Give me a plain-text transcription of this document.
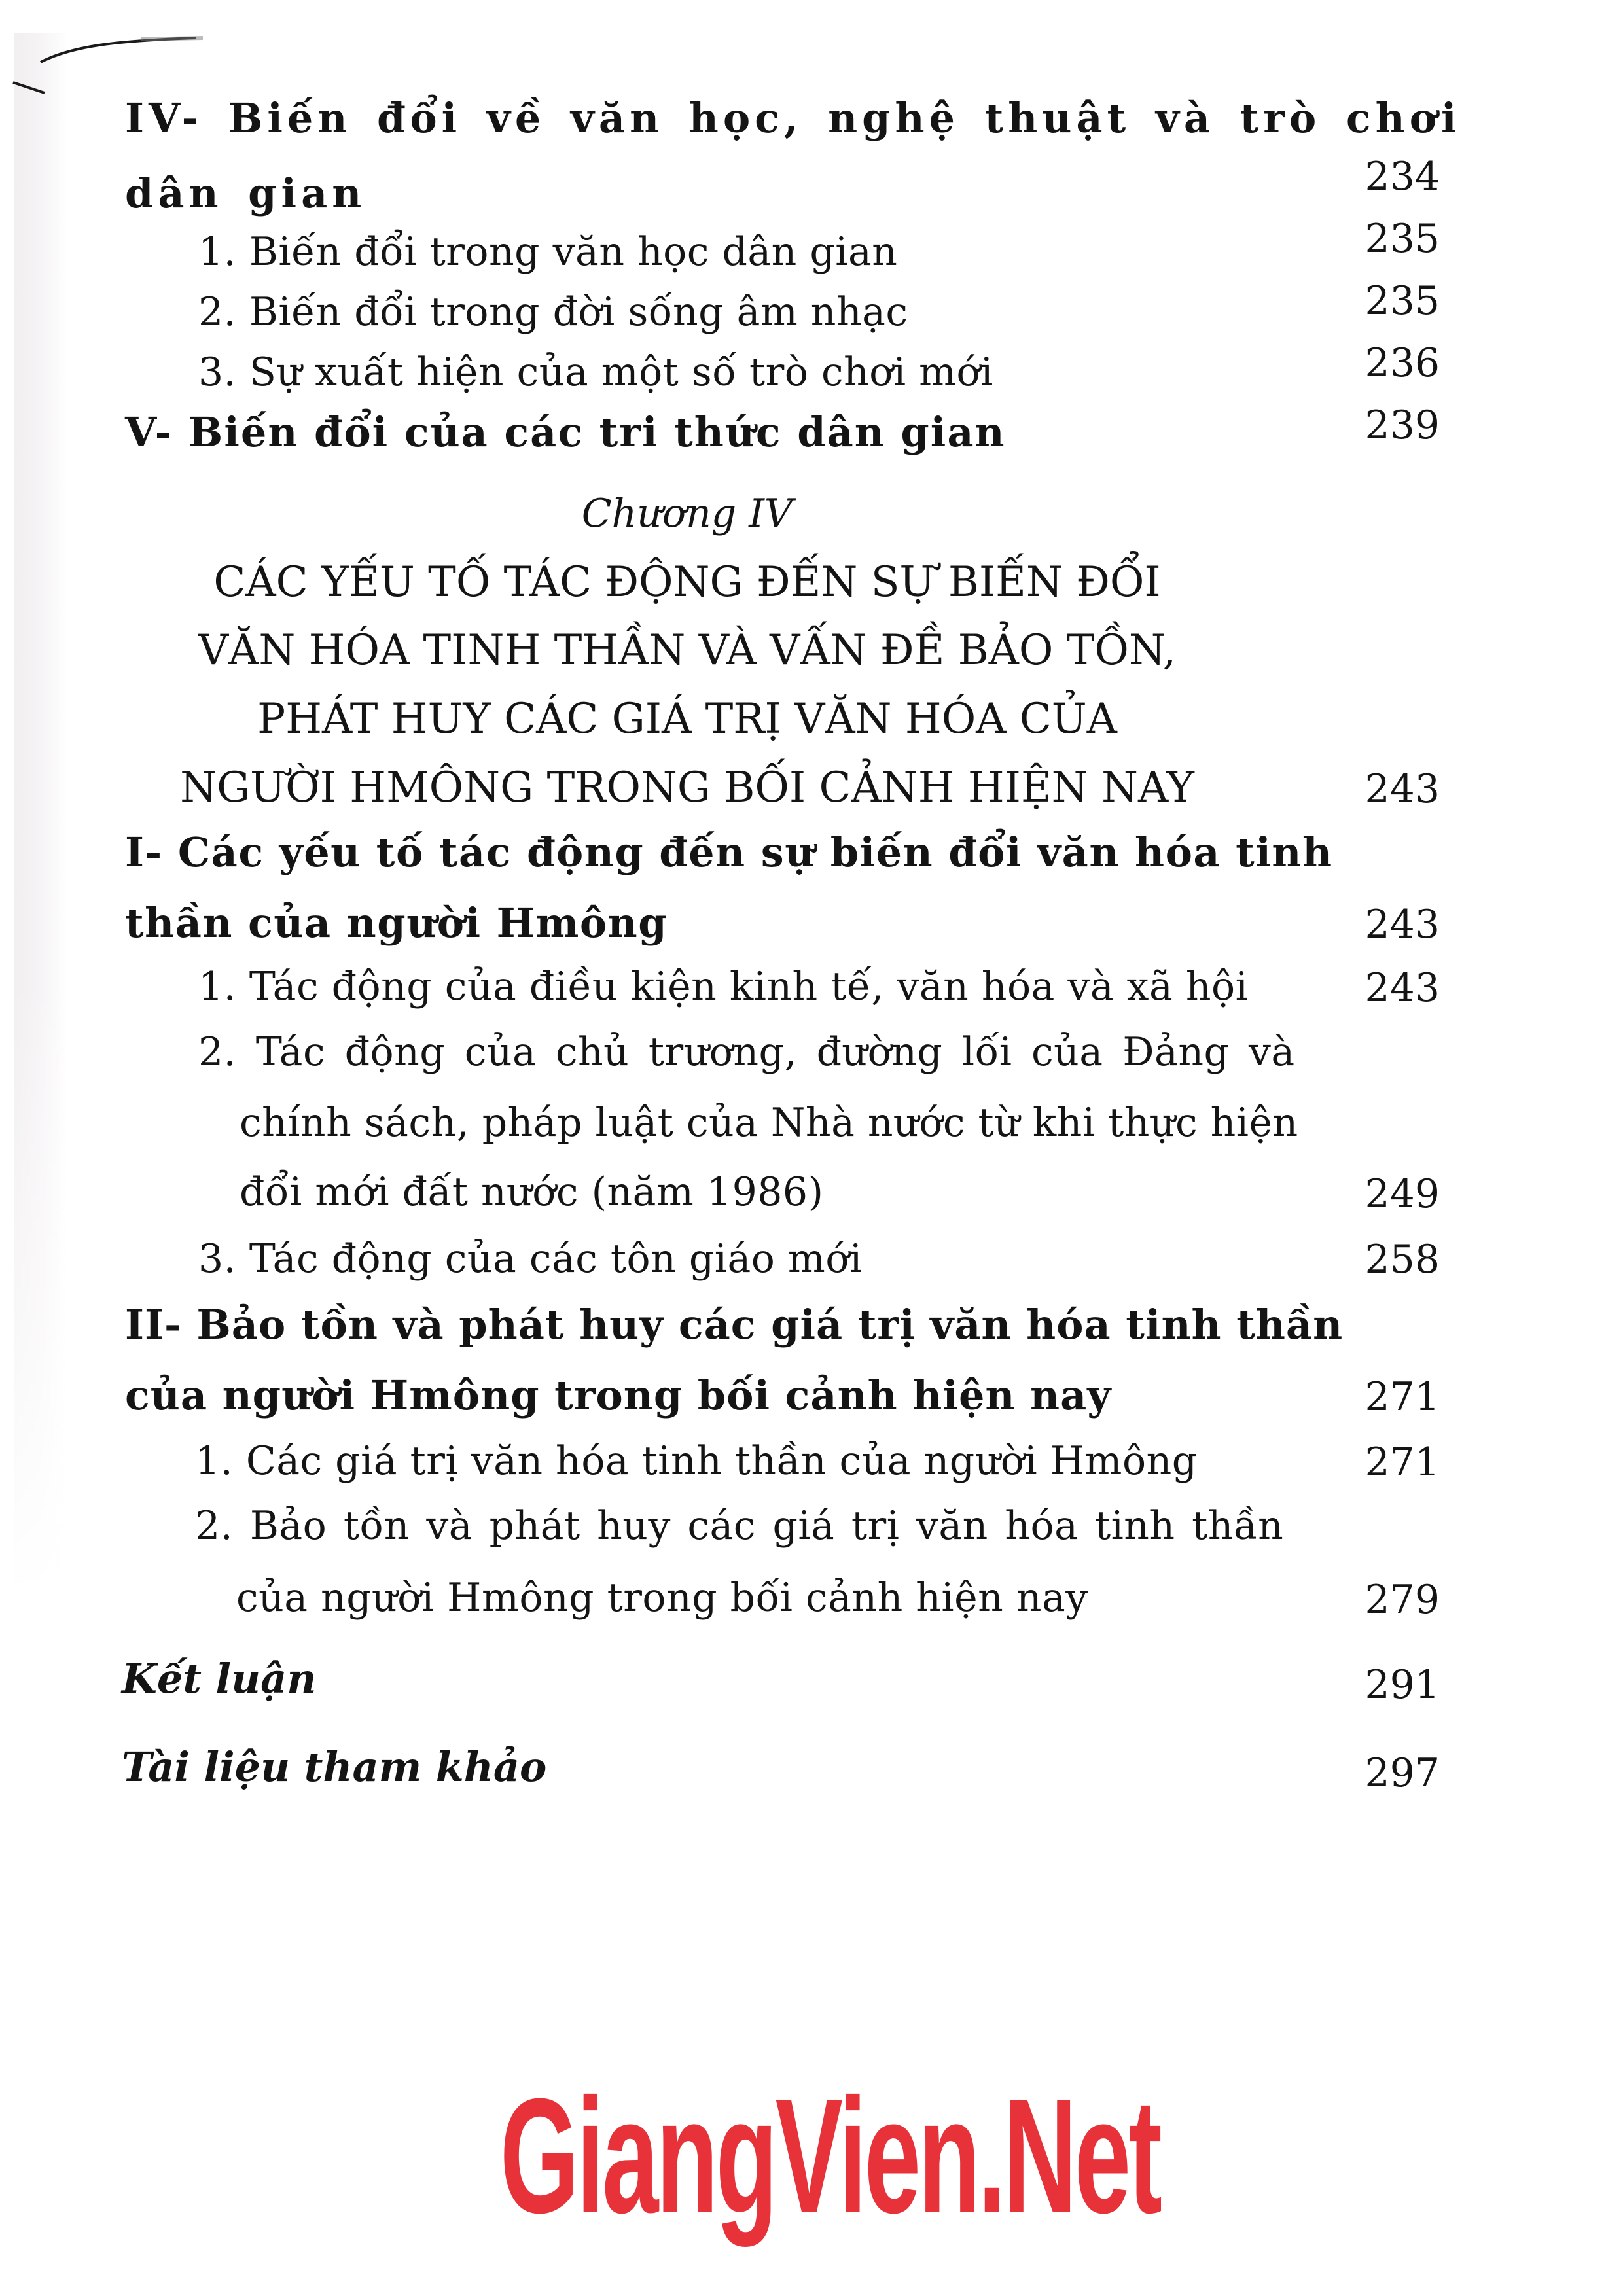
IV- Biến đổi về văn học, nghệ thuật và trò chơi
dân gian	234
1. Biến đổi trong văn học dân gian	235
2. Biến đổi trong đời sống âm nhạc	235
3. Sự xuất hiện của một số trò chơi mới	236
V- Biến đổi của các tri thức dân gian	239
Chương IV
CÁC YẾU TỐ TÁC ĐỘNG ĐẾN SỰ BIẾN ĐỔI
VĂN HÓA TINH THẦN VÀ VẤN ĐỀ BẢO TỒN,
PHÁT HUY CÁC GIÁ TRỊ VĂN HÓA CỦA
NGƯỜI HMÔNG TRONG BỐI CẢNH HIỆN NAY	243
I- Các yếu tố tác động đến sự biến đổi văn hóa tinh
thần của người Hmông	243
1. Tác động của điều kiện kinh tế, văn hóa và xã hội	243
2. Tác động của chủ trương, đường lối của Đảng và
chính sách, pháp luật của Nhà nước từ khi thực hiện
đổi mới đất nước (năm 1986)	249
3. Tác động của các tôn giáo mới	258
II- Bảo tồn và phát huy các giá trị văn hóa tinh thần
của người Hmông trong bối cảnh hiện nay	271
1. Các giá trị văn hóa tinh thần của người Hmông	271
2. Bảo tồn và phát huy các giá trị văn hóa tinh thần
của người Hmông trong bối cảnh hiện nay	279
Kết luận	291
Tài liệu tham khảo	297
GiangVien.Net
